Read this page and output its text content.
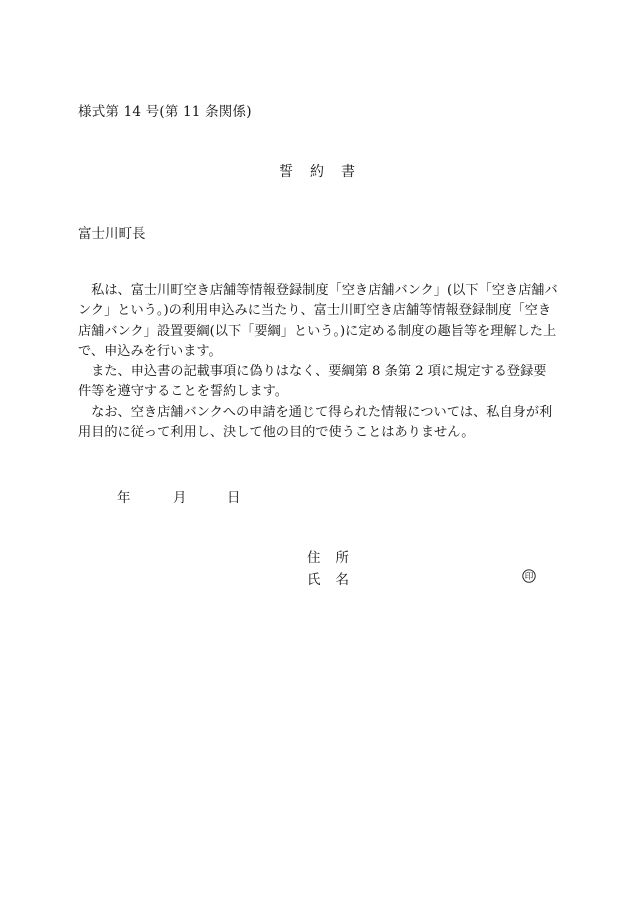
様式第 14 号(第 11 条関係)
誓 約 書
富士川町長

　私は、富士川町空き店舗等情報登録制度「空き店舗バンク」(以下「空き店舗バンク」という。)の利用申込みに当たり、富士川町空き店舗等情報登録制度「空き店舗バンク」設置要綱(以下「要綱」という。)に定める制度の趣旨等を理解した上で、申込みを行います。

　また、申込書の記載事項に偽りはなく、要綱第 8 条第 2 項に規定する登録要件等を遵守することを誓約します。

　なお、空き店舗バンクへの申請を通じて得られた情報については、私自身が利用目的に従って利用し、決して他の目的で使うことはありません。

年	月	日
住 所
氏 名	印
